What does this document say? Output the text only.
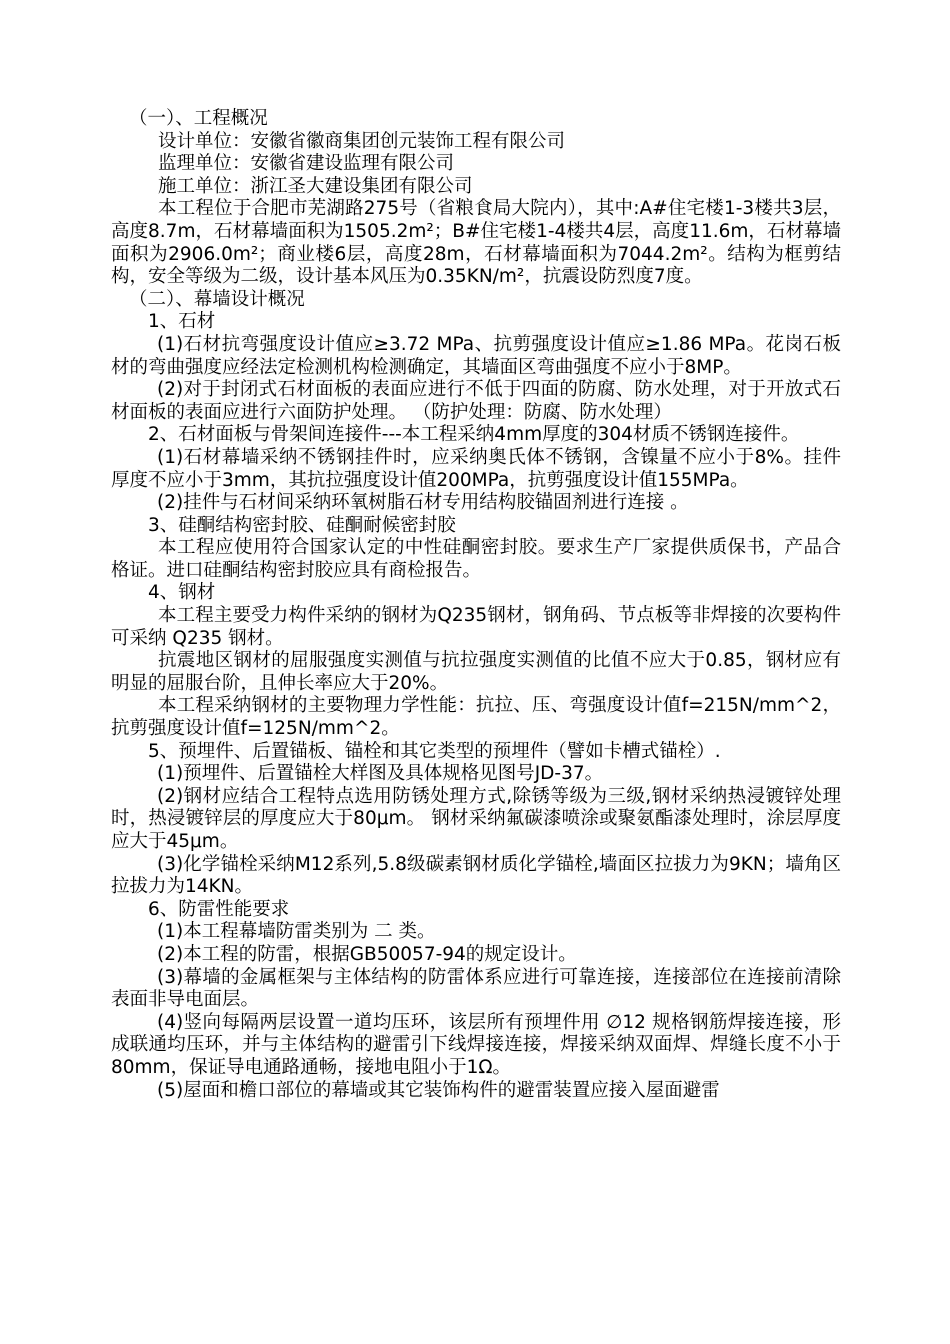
（一）、工程概况

设计单位：安徽省徽商集团创元装饰工程有限公司

监理单位：安徽省建设监理有限公司

施工单位：浙江圣大建设集团有限公司

本工程位于合肥市芜湖路275号（省粮食局大院内），其中:A#住宅楼1-3楼共3层，高度8.7m，石材幕墙面积为1505.2m²；B#住宅楼1-4楼共4层，高度11.6m，石材幕墙面积为2906.0m²；商业楼6层，高度28m，石材幕墙面积为7044.2m²。结构为框剪结构，安全等级为二级，设计基本风压为0.35KN/m²，抗震设防烈度7度。

（二）、幕墙设计概况

1、石材

(1)石材抗弯强度设计值应≥3.72 MPa、抗剪强度设计值应≥1.86 MPa。花岗石板材的弯曲强度应经法定检测机构检测确定，其墙面区弯曲强度不应小于8MP。

(2)对于封闭式石材面板的表面应进行不低于四面的防腐、防水处理，对于开放式石材面板的表面应进行六面防护处理。 （防护处理：防腐、防水处理）

2、石材面板与骨架间连接件---本工程采纳4mm厚度的304材质不锈钢连接件。

(1)石材幕墙采纳不锈钢挂件时，应采纳奥氏体不锈钢，含镍量不应小于8%。挂件厚度不应小于3mm，其抗拉强度设计值200MPa，抗剪强度设计值155MPa。

(2)挂件与石材间采纳环氧树脂石材专用结构胶锚固剂进行连接 。

3、硅酮结构密封胶、硅酮耐候密封胶

本工程应使用符合国家认定的中性硅酮密封胶。要求生产厂家提供质保书，产品合格证。进口硅酮结构密封胶应具有商检报告。

4、钢材

本工程主要受力构件采纳的钢材为Q235钢材，钢角码、节点板等非焊接的次要构件可采纳 Q235 钢材。

抗震地区钢材的屈服强度实测值与抗拉强度实测值的比值不应大于0.85，钢材应有明显的屈服台阶，且伸长率应大于20%。

本工程采纳钢材的主要物理力学性能：抗拉、压、弯强度设计值f=215N/mm^2，抗剪强度设计值f=125N/mm^2。

5、预埋件、后置锚板、锚栓和其它类型的预埋件（譬如卡槽式锚栓）.

(1)预埋件、后置锚栓大样图及具体规格见图号JD-37。

(2)钢材应结合工程特点选用防锈处理方式,除锈等级为三级,钢材采纳热浸镀锌处理时，热浸镀锌层的厚度应大于80μm。 钢材采纳氟碳漆喷涂或聚氨酯漆处理时，涂层厚度应大于45μm。

(3)化学锚栓采纳M12系列,5.8级碳素钢材质化学锚栓,墙面区拉拔力为9KN；墙角区拉拔力为14KN。

6、防雷性能要求

(1)本工程幕墙防雷类别为 二 类。

(2)本工程的防雷，根据GB50057-94的规定设计。

(3)幕墙的金属框架与主体结构的防雷体系应进行可靠连接，连接部位在连接前清除表面非导电面层。

(4)竖向每隔两层设置一道均压环，该层所有预埋件用 ∅12 规格钢筋焊接连接，形成联通均压环，并与主体结构的避雷引下线焊接连接，焊接采纳双面焊、焊缝长度不小于80mm，保证导电通路通畅，接地电阻小于1Ω。

(5)屋面和檐口部位的幕墙或其它装饰构件的避雷装置应接入屋面避雷
